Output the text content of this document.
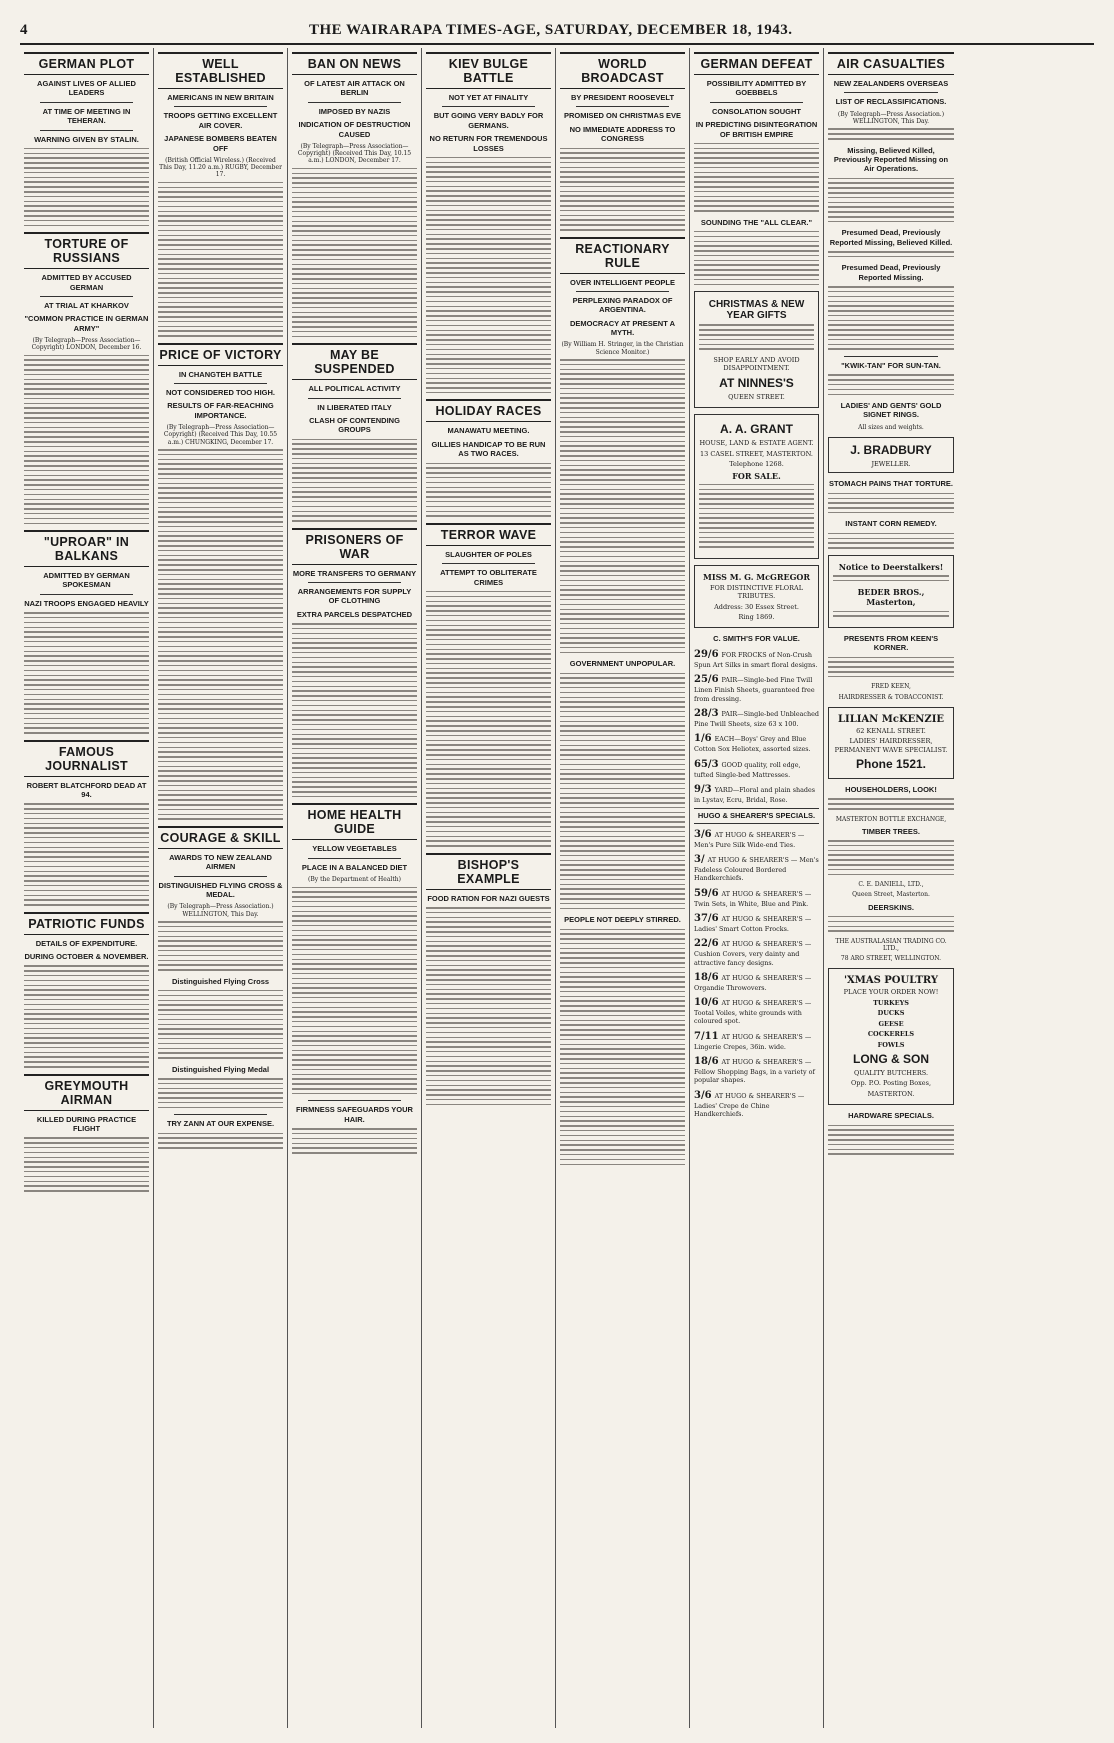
4	THE WAIRARAPA TIMES-AGE, SATURDAY, DECEMBER 18, 1943.
GERMAN PLOT
AGAINST LIVES OF ALLIED LEADERS
AT TIME OF MEETING IN TEHERAN.
WARNING GIVEN BY STALIN.
TORTURE OF RUSSIANS
ADMITTED BY ACCUSED GERMAN
AT TRIAL AT KHARKOV
"COMMON PRACTICE IN GERMAN ARMY"
(By Telegraph—Press Association—Copyright) LONDON, December 16.
"UPROAR" IN BALKANS
ADMITTED BY GERMAN SPOKESMAN
NAZI TROOPS ENGAGED HEAVILY
FAMOUS JOURNALIST
ROBERT BLATCHFORD DEAD AT 94.
PATRIOTIC FUNDS
DETAILS OF EXPENDITURE.
DURING OCTOBER & NOVEMBER.
GREYMOUTH AIRMAN
KILLED DURING PRACTICE FLIGHT
WELL ESTABLISHED
AMERICANS IN NEW BRITAIN
TROOPS GETTING EXCELLENT AIR COVER.
JAPANESE BOMBERS BEATEN OFF
(British Official Wireless.) (Received This Day, 11.20 a.m.) RUGBY, December 17.
PRICE OF VICTORY
IN CHANGTEH BATTLE
NOT CONSIDERED TOO HIGH.
RESULTS OF FAR-REACHING IMPORTANCE.
(By Telegraph—Press Association—Copyright) (Received This Day, 10.55 a.m.) CHUNGKING, December 17.
COURAGE & SKILL
AWARDS TO NEW ZEALAND AIRMEN
DISTINGUISHED FLYING CROSS & MEDAL.
(By Telegraph—Press Association.) WELLINGTON, This Day.
Distinguished Flying Cross
Distinguished Flying Medal
TRY ZANN AT OUR EXPENSE.
BAN ON NEWS
OF LATEST AIR ATTACK ON BERLIN
IMPOSED BY NAZIS
INDICATION OF DESTRUCTION CAUSED
(By Telegraph—Press Association—Copyright) (Received This Day, 10.15 a.m.) LONDON, December 17.
MAY BE SUSPENDED
ALL POLITICAL ACTIVITY
IN LIBERATED ITALY
CLASH OF CONTENDING GROUPS
PRISONERS OF WAR
MORE TRANSFERS TO GERMANY
ARRANGEMENTS FOR SUPPLY OF CLOTHING
EXTRA PARCELS DESPATCHED
HOME HEALTH GUIDE
YELLOW VEGETABLES
PLACE IN A BALANCED DIET
(By the Department of Health)
FIRMNESS SAFEGUARDS YOUR HAIR.
KIEV BULGE BATTLE
NOT YET AT FINALITY
BUT GOING VERY BADLY FOR GERMANS.
NO RETURN FOR TREMENDOUS LOSSES
HOLIDAY RACES
MANAWATU MEETING.
GILLIES HANDICAP TO BE RUN AS TWO RACES.
TERROR WAVE
SLAUGHTER OF POLES
ATTEMPT TO OBLITERATE CRIMES
BISHOP'S EXAMPLE
FOOD RATION FOR NAZI GUESTS
WORLD BROADCAST
BY PRESIDENT ROOSEVELT
PROMISED ON CHRISTMAS EVE
NO IMMEDIATE ADDRESS TO CONGRESS
REACTIONARY RULE
OVER INTELLIGENT PEOPLE
PERPLEXING PARADOX OF ARGENTINA.
DEMOCRACY AT PRESENT A MYTH.
(By William H. Stringer, in the Christian Science Monitor.)
GOVERNMENT UNPOPULAR.
PEOPLE NOT DEEPLY STIRRED.
GERMAN DEFEAT
POSSIBILITY ADMITTED BY GOEBBELS
CONSOLATION SOUGHT
IN PREDICTING DISINTEGRATION OF BRITISH EMPIRE
SOUNDING THE "ALL CLEAR."
CHRISTMAS & NEW YEAR GIFTS
SHOP EARLY AND AVOID DISAPPOINTMENT.
AT NINNES'S
QUEEN STREET.
A. A. GRANT
HOUSE, LAND & ESTATE AGENT.
13 CASEL STREET, MASTERTON.
Telephone 1268.
FOR SALE.
MISS M. G. McGREGOR
FOR DISTINCTIVE FLORAL TRIBUTES.
Address: 30 Essex Street.
Ring 1869.
C. SMITH'S FOR VALUE.
29/6 FOR FROCKS of Non-Crush Spun Art Silks in smart floral designs.
25/6 PAIR—Single-bed Fine Twill Linen Finish Sheets, guaranteed free from dressing.
28/3 PAIR—Single-bed Unbleached Pine Twill Sheets, size 63 x 100.
1/6 EACH—Boys' Grey and Blue Cotton Sox Heliotex, assorted sizes.
65/3 GOOD quality, roll edge, tufted Single-bed Mattresses.
9/3 YARD—Floral and plain shades in Lystav, Ecru, Bridal, Rose.
HUGO & SHEARER'S SPECIALS.
3/6 AT HUGO & SHEARER'S — Men's Pure Silk Wide-end Ties.
3/ AT HUGO & SHEARER'S — Men's Fadeless Coloured Bordered Handkerchiefs.
59/6 AT HUGO & SHEARER'S — Twin Sets, in White, Blue and Pink.
37/6 AT HUGO & SHEARER'S — Ladies' Smart Cotton Frocks.
22/6 AT HUGO & SHEARER'S — Cushion Covers, very dainty and attractive fancy designs.
18/6 AT HUGO & SHEARER'S — Organdie Throwovers.
10/6 AT HUGO & SHEARER'S — Tootal Voiles, white grounds with coloured spot.
7/11 AT HUGO & SHEARER'S — Lingerie Crepes, 36in. wide.
18/6 AT HUGO & SHEARER'S — Fellow Shopping Bags, in a variety of popular shapes.
3/6 AT HUGO & SHEARER'S — Ladies' Crepe de Chine Handkerchiefs.
AIR CASUALTIES
NEW ZEALANDERS OVERSEAS
LIST OF RECLASSIFICATIONS.
(By Telegraph—Press Association.) WELLINGTON, This Day.
Missing, Believed Killed, Previously Reported Missing on Air Operations.
Presumed Dead, Previously Reported Missing, Believed Killed.
Presumed Dead, Previously Reported Missing.
"KWIK-TAN" FOR SUN-TAN.
LADIES' AND GENTS' GOLD SIGNET RINGS.
All sizes and weights.
J. BRADBURY
JEWELLER.
STOMACH PAINS THAT TORTURE.
INSTANT CORN REMEDY.
Notice to Deerstalkers!
BEDER BROS., Masterton,
PRESENTS FROM KEEN'S KORNER.
FRED KEEN,
HAIRDRESSER & TOBACCONIST.
LILIAN McKENZIE
62 KENALL STREET.
LADIES' HAIRDRESSER, PERMANENT WAVE SPECIALIST.
Phone 1521.
HOUSEHOLDERS, LOOK!
MASTERTON BOTTLE EXCHANGE,
TIMBER TREES.
C. E. DANIELL, LTD.,
Queen Street, Masterton.
DEERSKINS.
THE AUSTRALASIAN TRADING CO. LTD.,
78 ARO STREET, WELLINGTON.
'XMAS POULTRY
PLACE YOUR ORDER NOW!
TURKEYS
DUCKS
GEESE
COCKERELS
FOWLS
LONG & SON
QUALITY BUTCHERS.
Opp. P.O. Posting Boxes,
MASTERTON.
HARDWARE SPECIALS.
